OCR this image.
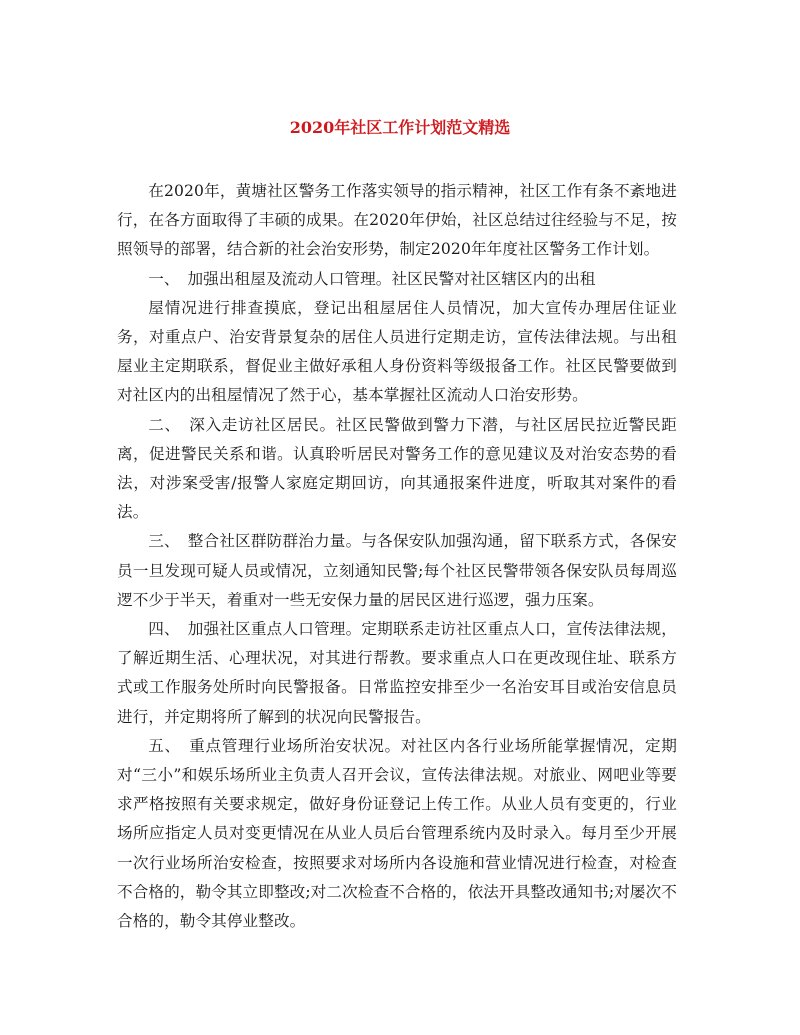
2020年社区工作计划范文精选

在2020年，黄塘社区警务工作落实领导的指示精神，社区工作有条不紊地进行，在各方面取得了丰硕的成果。在2020年伊始，社区总结过往经验与不足，按照领导的部署，结合新的社会治安形势，制定2020年年度社区警务工作计划。

一、　加强出租屋及流动人口管理。社区民警对社区辖区内的出租

屋情况进行排查摸底，登记出租屋居住人员情况，加大宣传办理居住证业务，对重点户、治安背景复杂的居住人员进行定期走访，宣传法律法规。与出租屋业主定期联系，督促业主做好承租人身份资料等级报备工作。社区民警要做到对社区内的出租屋情况了然于心，基本掌握社区流动人口治安形势。

二、　深入走访社区居民。社区民警做到警力下潜，与社区居民拉近警民距离，促进警民关系和谐。认真聆听居民对警务工作的意见建议及对治安态势的看法，对涉案受害/报警人家庭定期回访，向其通报案件进度，听取其对案件的看法。

三、　整合社区群防群治力量。与各保安队加强沟通，留下联系方式，各保安员一旦发现可疑人员或情况，立刻通知民警;每个社区民警带领各保安队员每周巡逻不少于半天，着重对一些无安保力量的居民区进行巡逻，强力压案。

四、　加强社区重点人口管理。定期联系走访社区重点人口，宣传法律法规，了解近期生活、心理状况，对其进行帮教。要求重点人口在更改现住址、联系方式或工作服务处所时向民警报备。日常监控安排至少一名治安耳目或治安信息员进行，并定期将所了解到的状况向民警报告。

五、　重点管理行业场所治安状况。对社区内各行业场所能掌握情况，定期对“三小”和娱乐场所业主负责人召开会议，宣传法律法规。对旅业、网吧业等要求严格按照有关要求规定，做好身份证登记上传工作。从业人员有变更的，行业场所应指定人员对变更情况在从业人员后台管理系统内及时录入。每月至少开展一次行业场所治安检查，按照要求对场所内各设施和营业情况进行检查，对检查不合格的，勒令其立即整改;对二次检查不合格的，依法开具整改通知书;对屡次不合格的，勒令其停业整改。
